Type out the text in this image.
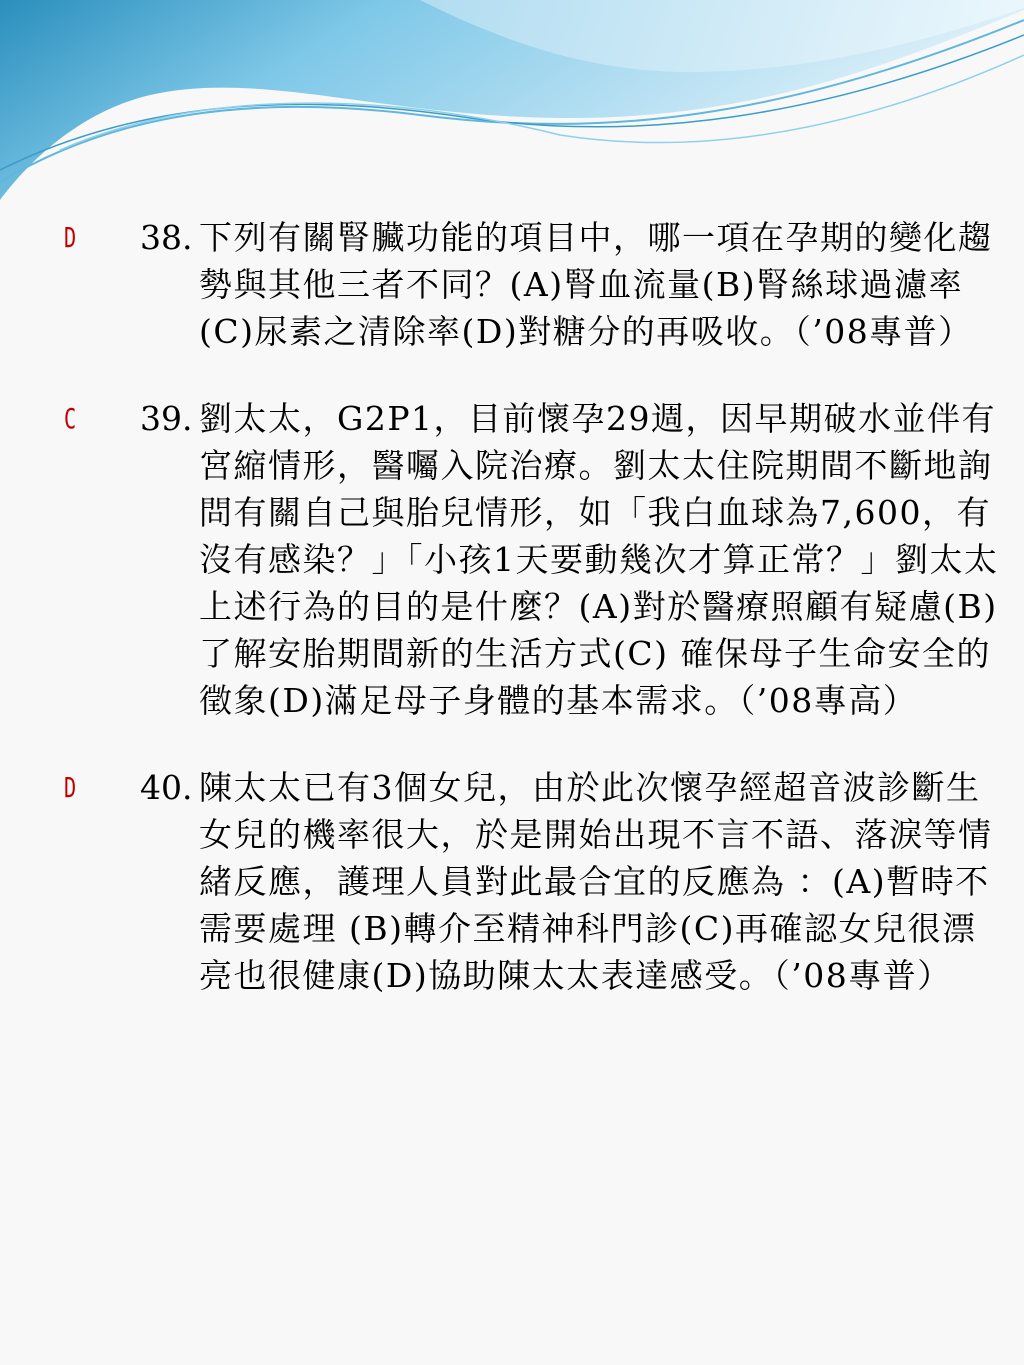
D 38. 下列有關腎臟功能的項目中，哪一項在孕期的變化趨勢與其他三者不同？(A)腎血流量(B)腎絲球過濾率(C)尿素之清除率(D)對糖分的再吸收。（’08專普）
C 39. 劉太太，G2P1，目前懷孕29週，因早期破水並伴有宮縮情形，醫囑入院治療。劉太太住院期間不斷地詢問有關自己與胎兒情形，如「我白血球為7,600，有沒有感染？」「小孩1天要動幾次才算正常？」劉太太上述行為的目的是什麼？(A)對於醫療照顧有疑慮(B)了解安胎期間新的生活方式(C) 確保母子生命安全的徵象(D)滿足母子身體的基本需求。（’08專高）
D 40. 陳太太已有3個女兒，由於此次懷孕經超音波診斷生女兒的機率很大，於是開始出現不言不語、落淚等情緒反應，護理人員對此最合宜的反應為 ：(A)暫時不需要處理 (B)轉介至精神科門診(C)再確認女兒很漂亮也很健康(D)協助陳太太表達感受。（’08專普）
